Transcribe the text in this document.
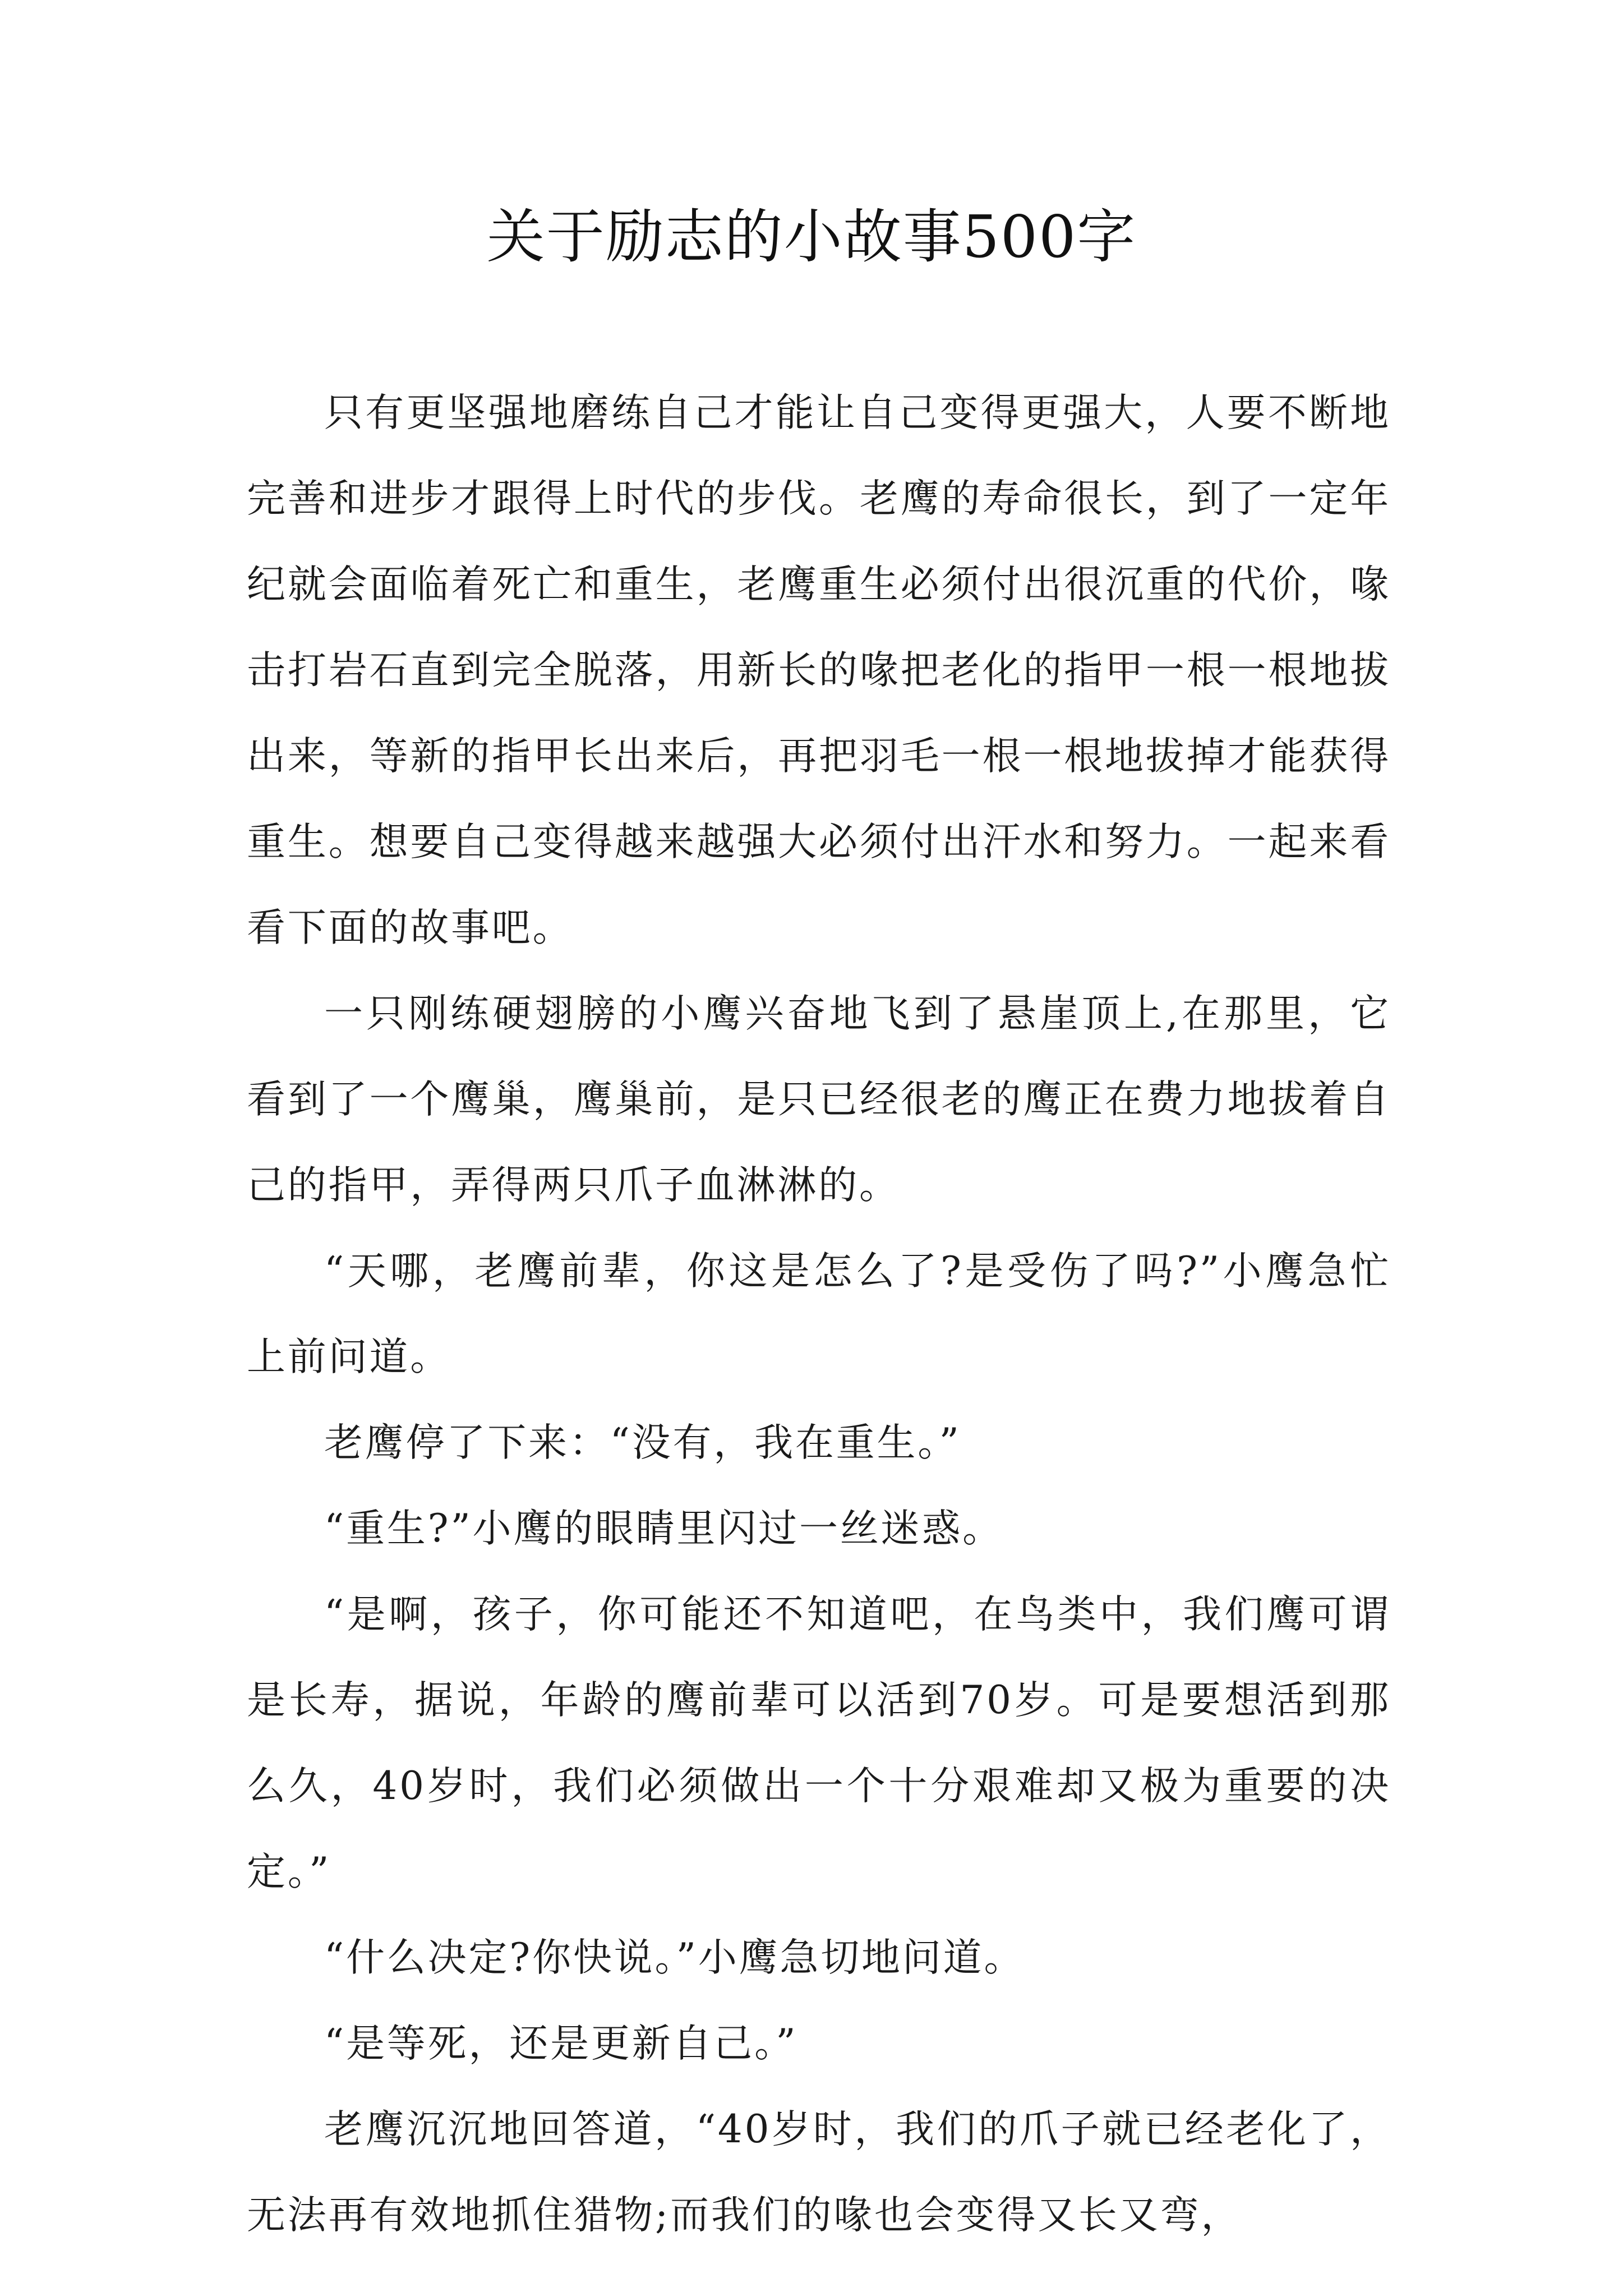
关于励志的小故事500字

只有更坚强地磨练自己才能让自己变得更强大，人要不断地完善和进步才跟得上时代的步伐。老鹰的寿命很长，到了一定年纪就会面临着死亡和重生，老鹰重生必须付出很沉重的代价，喙击打岩石直到完全脱落，用新长的喙把老化的指甲一根一根地拔出来，等新的指甲长出来后，再把羽毛一根一根地拔掉才能获得重生。想要自己变得越来越强大必须付出汗水和努力。一起来看看下面的故事吧。

一只刚练硬翅膀的小鹰兴奋地飞到了悬崖顶上,在那里，它看到了一个鹰巢，鹰巢前，是只已经很老的鹰正在费力地拔着自己的指甲，弄得两只爪子血淋淋的。

“天哪，老鹰前辈，你这是怎么了?是受伤了吗?”小鹰急忙上前问道。

老鹰停了下来：“没有，我在重生。”

“重生?”小鹰的眼睛里闪过一丝迷惑。

“是啊，孩子，你可能还不知道吧，在鸟类中，我们鹰可谓是长寿，据说，年龄的鹰前辈可以活到70岁。可是要想活到那么久，40岁时，我们必须做出一个十分艰难却又极为重要的决定。”

“什么决定?你快说。”小鹰急切地问道。

“是等死，还是更新自己。”

老鹰沉沉地回答道，“40岁时，我们的爪子就已经老化了，无法再有效地抓住猎物;而我们的喙也会变得又长又弯，
